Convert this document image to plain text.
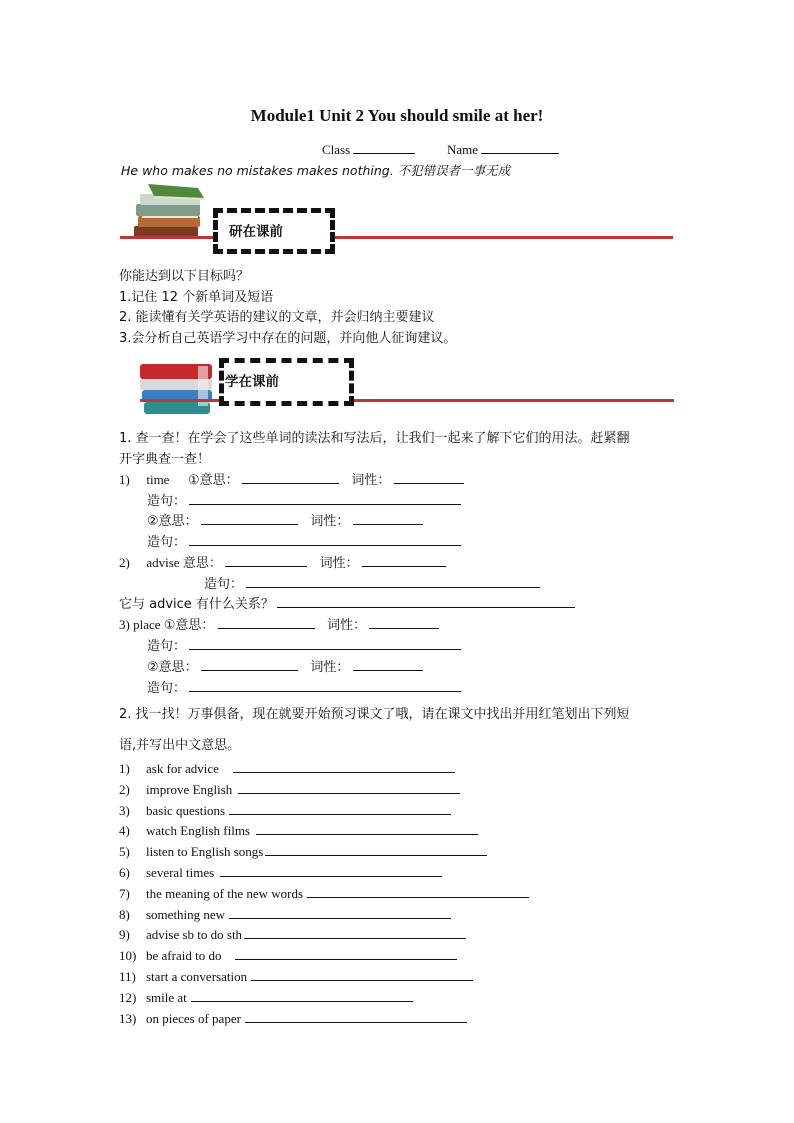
Module1 Unit 2 You should smile at her!
Class	Name
He who makes no mistakes makes nothing. 不犯错误者一事无成
研在课前
你能达到以下目标吗？
1.记住 12 个新单词及短语
2. 能读懂有关学英语的建议的文章，并会归纳主要建议
3.会分析自己英语学习中存在的问题，并向他人征询建议。
学在课前
1. 查一查！在学会了这些单词的读法和写法后，让我们一起来了解下它们的用法。赶紧翻
开字典查一查！
1) time ①意思：	词性：
造句：
②意思：	词性：
造句：
2) advise 意思：	词性：
造句：
它与 advice 有什么关系？
3) place ①意思：	词性：
造句：
②意思：	词性：
造句：
2. 找一找！万事俱备，现在就要开始预习课文了哦，请在课文中找出并用红笔划出下列短
语,并写出中文意思。
1) ask for advice
2) improve English
3) basic questions
4) watch English films
5) listen to English songs
6) several times
7) the meaning of the new words
8) something new
9) advise sb to do sth
10) be afraid to do
11) start a conversation
12) smile at
13) on pieces of paper
